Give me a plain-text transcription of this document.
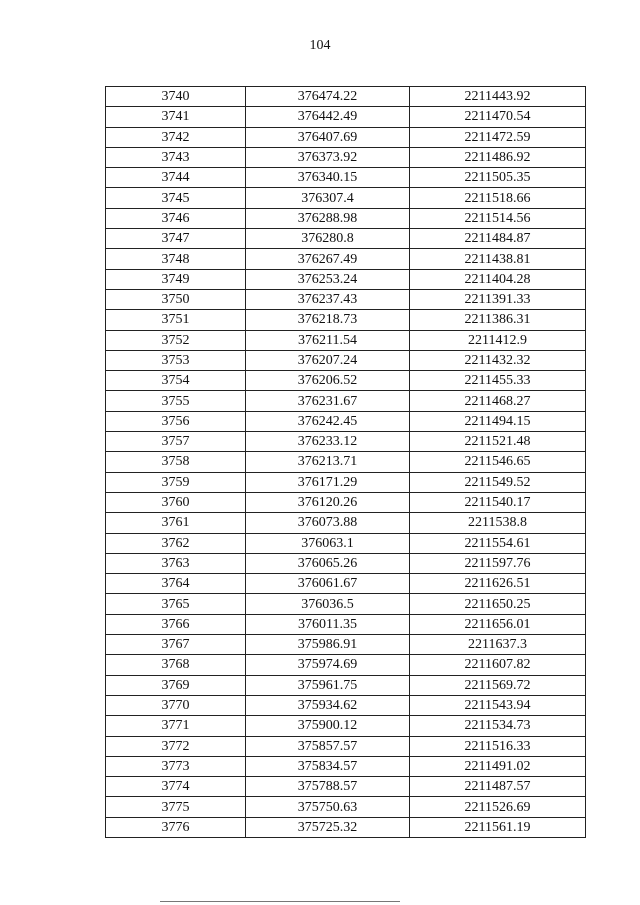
104
3740	376474.22	2211443.92
3741	376442.49	2211470.54
3742	376407.69	2211472.59
3743	376373.92	2211486.92
3744	376340.15	2211505.35
3745	376307.4	2211518.66
3746	376288.98	2211514.56
3747	376280.8	2211484.87
3748	376267.49	2211438.81
3749	376253.24	2211404.28
3750	376237.43	2211391.33
3751	376218.73	2211386.31
3752	376211.54	2211412.9
3753	376207.24	2211432.32
3754	376206.52	2211455.33
3755	376231.67	2211468.27
3756	376242.45	2211494.15
3757	376233.12	2211521.48
3758	376213.71	2211546.65
3759	376171.29	2211549.52
3760	376120.26	2211540.17
3761	376073.88	2211538.8
3762	376063.1	2211554.61
3763	376065.26	2211597.76
3764	376061.67	2211626.51
3765	376036.5	2211650.25
3766	376011.35	2211656.01
3767	375986.91	2211637.3
3768	375974.69	2211607.82
3769	375961.75	2211569.72
3770	375934.62	2211543.94
3771	375900.12	2211534.73
3772	375857.57	2211516.33
3773	375834.57	2211491.02
3774	375788.57	2211487.57
3775	375750.63	2211526.69
3776	375725.32	2211561.19
